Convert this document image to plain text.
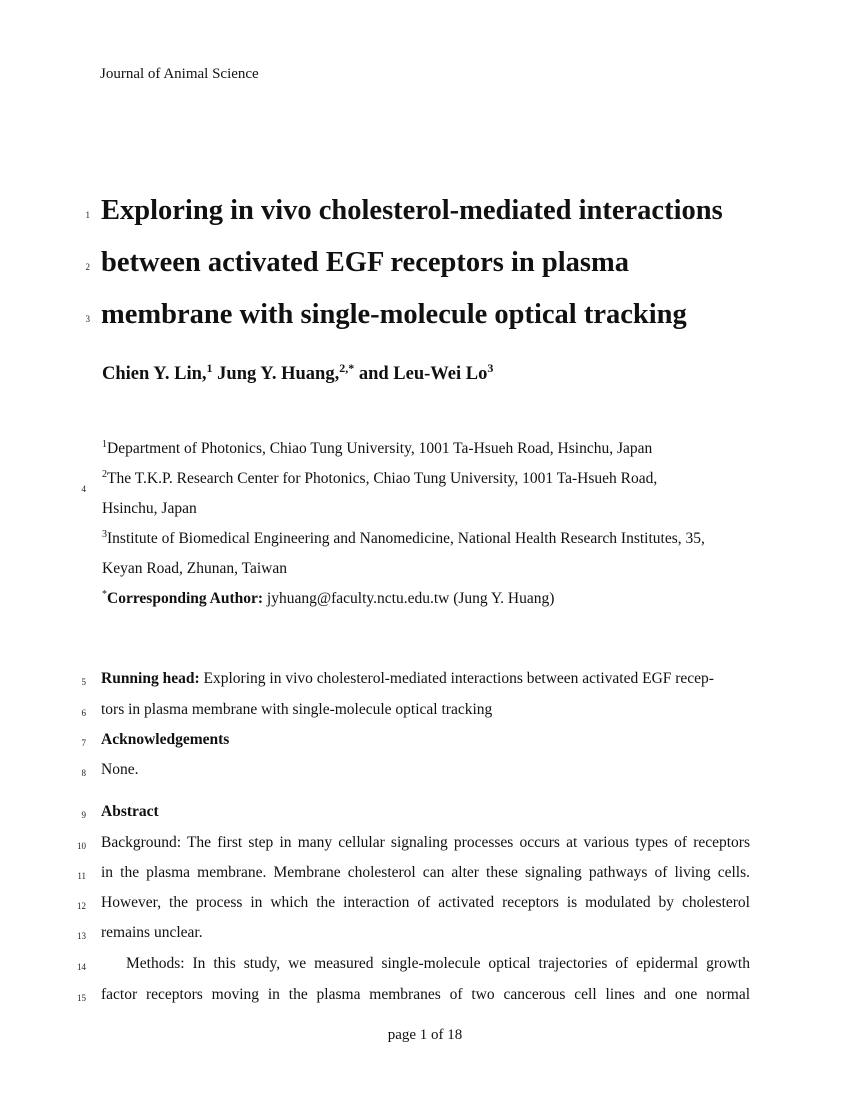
Journal of Animal Science
1 Exploring in vivo cholesterol-mediated interactions
2 between activated EGF receptors in plasma
3 membrane with single-molecule optical tracking
Chien Y. Lin,$^1$ Jung Y. Huang,$^{2,*}$ and Leu-Wei Lo$^3$
$^1$Department of Photonics, Chiao Tung University, 1001 Ta-Hsueh Road, Hsinchu, Japan
4
$^2$The T.K.P. Research Center for Photonics, Chiao Tung University, 1001 Ta-Hsueh Road,
Hsinchu, Japan
$^3$Institute of Biomedical Engineering and Nanomedicine, National Health Research Institutes, 35,
Keyan Road, Zhunan, Taiwan
*Corresponding Author: jyhuang@faculty.nctu.edu.tw (Jung Y. Huang)
5 Running head: Exploring in vivo cholesterol-mediated interactions between activated EGF recep-
6 tors in plasma membrane with single-molecule optical tracking
7 Acknowledgements
8 None.
9 Abstract
10 Background: The first step in many cellular signaling processes occurs at various types of receptors
11 in the plasma membrane. Membrane cholesterol can alter these signaling pathways of living cells.
12 However, the process in which the interaction of activated receptors is modulated by cholesterol
13 remains unclear.
14	Methods: In this study, we measured single-molecule optical trajectories of epidermal growth
15 factor receptors moving in the plasma membranes of two cancerous cell lines and one normal
page 1 of 18
